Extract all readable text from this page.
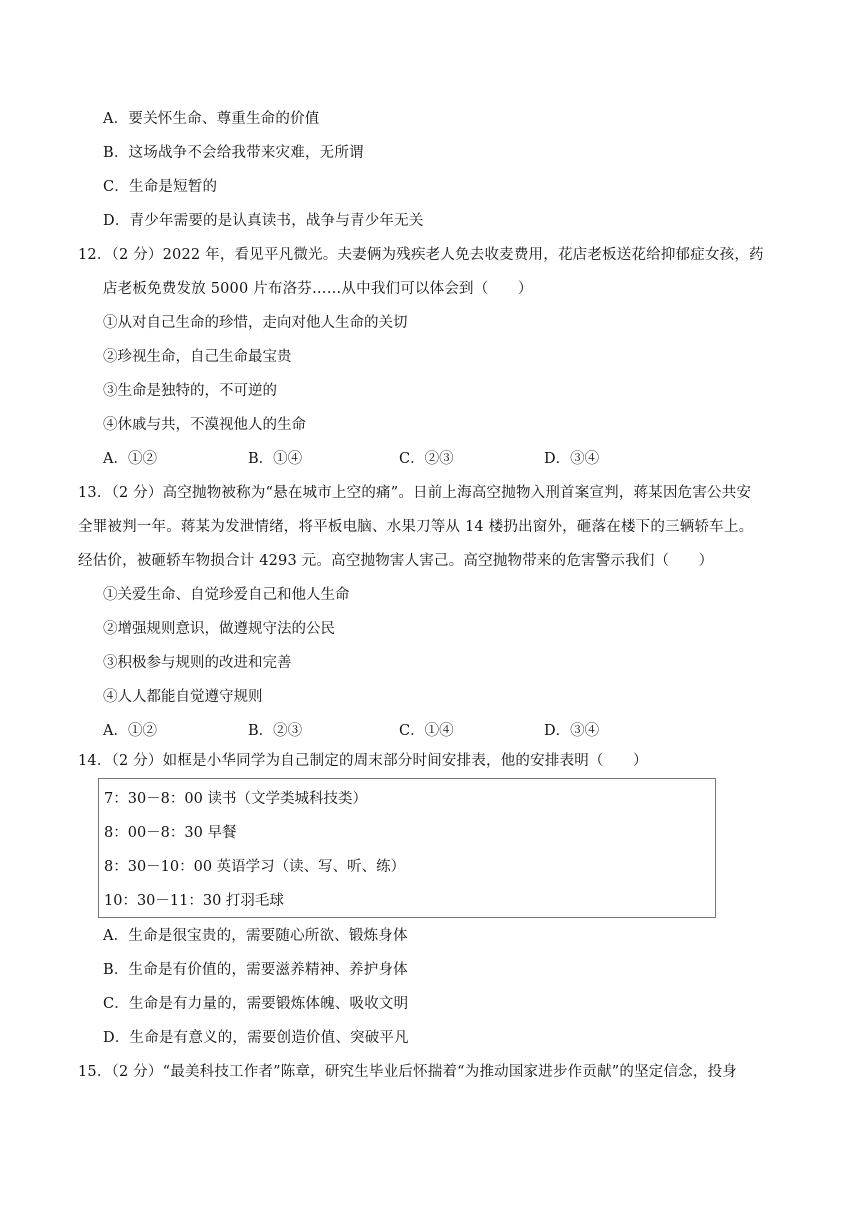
A．要关怀生命、尊重生命的价值
B．这场战争不会给我带来灾难，无所谓
C．生命是短暂的
D．青少年需要的是认真读书，战争与青少年无关
12．（2 分）2022 年，看见平凡微光。夫妻俩为残疾老人免去收麦费用，花店老板送花给抑郁症女孩，药
店老板免费发放 5000 片布洛芬……从中我们可以体会到（　　）
①从对自己生命的珍惜，走向对他人生命的关切
②珍视生命，自己生命最宝贵
③生命是独特的，不可逆的
④休戚与共，不漠视他人的生命
A．①②	B．①④	C．②③	D．③④
13．（2 分）高空抛物被称为“悬在城市上空的痛”。日前上海高空抛物入刑首案宣判，蒋某因危害公共安
全罪被判一年。蒋某为发泄情绪，将平板电脑、水果刀等从 14 楼扔出窗外，砸落在楼下的三辆轿车上。
经估价，被砸轿车物损合计 4293 元。高空抛物害人害己。高空抛物带来的危害警示我们（　　）
①关爱生命、自觉珍爱自己和他人生命
②增强规则意识，做遵规守法的公民
③积极参与规则的改进和完善
④人人都能自觉遵守规则
A．①②	B．②③	C．①④	D．③④
14．（2 分）如框是小华同学为自己制定的周末部分时间安排表，他的安排表明（　　）
7：30－8：00 读书（文学类城科技类）
8：00－8：30 早餐
8：30－10：00 英语学习（读、写、听、练）
10：30－11：30 打羽毛球
A．生命是很宝贵的，需要随心所欲、锻炼身体
B．生命是有价值的，需要滋养精神、养护身体
C．生命是有力量的，需要锻炼体魄、吸收文明
D．生命是有意义的，需要创造价值、突破平凡
15．（2 分）“最美科技工作者”陈章，研究生毕业后怀揣着“为推动国家进步作贡献”的坚定信念，投身
